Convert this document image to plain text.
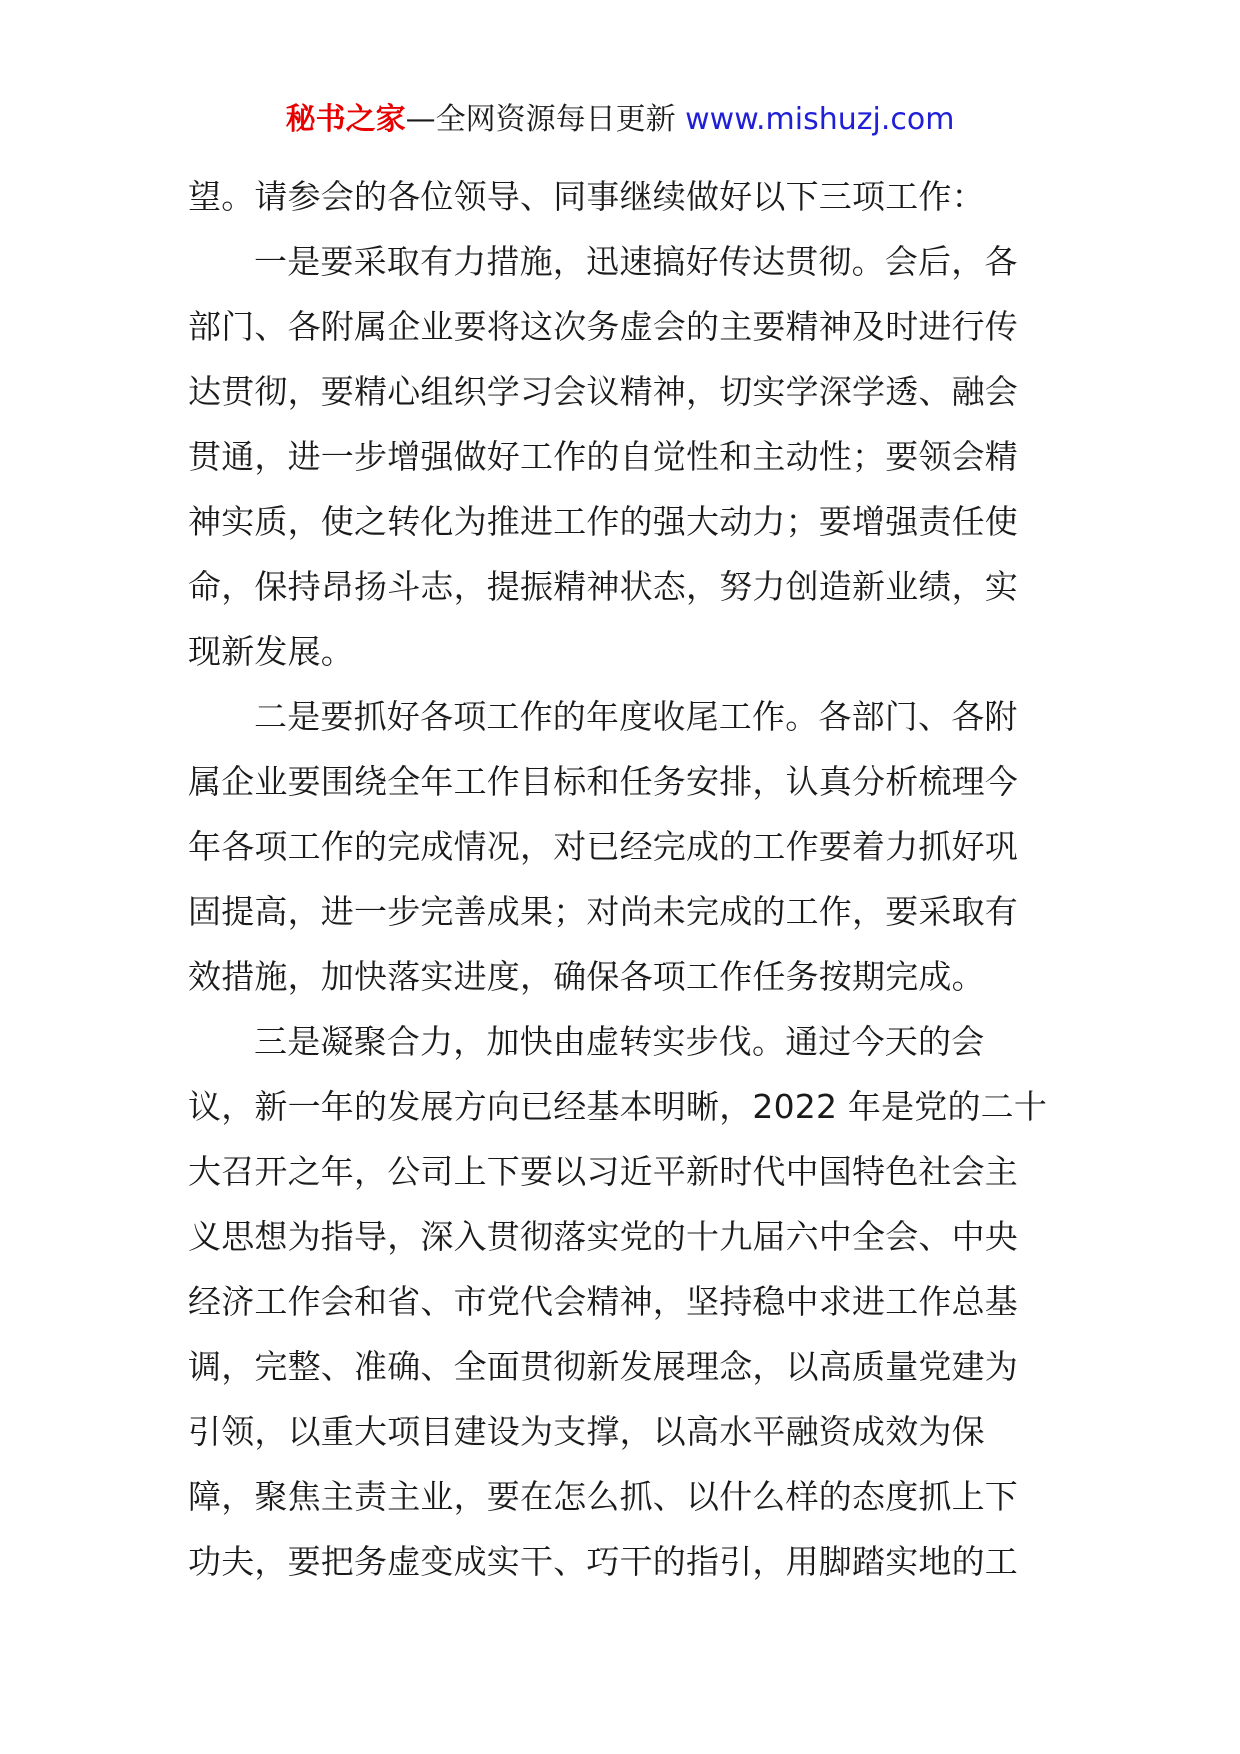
秘书之家—全网资源每日更新 www.mishuzj.com
望。请参会的各位领导、同事继续做好以下三项工作：
一是要采取有力措施，迅速搞好传达贯彻。会后，各
部门、各附属企业要将这次务虚会的主要精神及时进行传
达贯彻，要精心组织学习会议精神，切实学深学透、融会
贯通，进一步增强做好工作的自觉性和主动性；要领会精
神实质，使之转化为推进工作的强大动力；要增强责任使
命，保持昂扬斗志，提振精神状态，努力创造新业绩，实
现新发展。
二是要抓好各项工作的年度收尾工作。各部门、各附
属企业要围绕全年工作目标和任务安排，认真分析梳理今
年各项工作的完成情况，对已经完成的工作要着力抓好巩
固提高，进一步完善成果；对尚未完成的工作，要采取有
效措施，加快落实进度，确保各项工作任务按期完成。
三是凝聚合力，加快由虚转实步伐。通过今天的会
议，新一年的发展方向已经基本明晰，2022 年是党的二十
大召开之年，公司上下要以习近平新时代中国特色社会主
义思想为指导，深入贯彻落实党的十九届六中全会、中央
经济工作会和省、市党代会精神，坚持稳中求进工作总基
调，完整、准确、全面贯彻新发展理念，以高质量党建为
引领，以重大项目建设为支撑，以高水平融资成效为保
障，聚焦主责主业，要在怎么抓、以什么样的态度抓上下
功夫，要把务虚变成实干、巧干的指引，用脚踏实地的工
